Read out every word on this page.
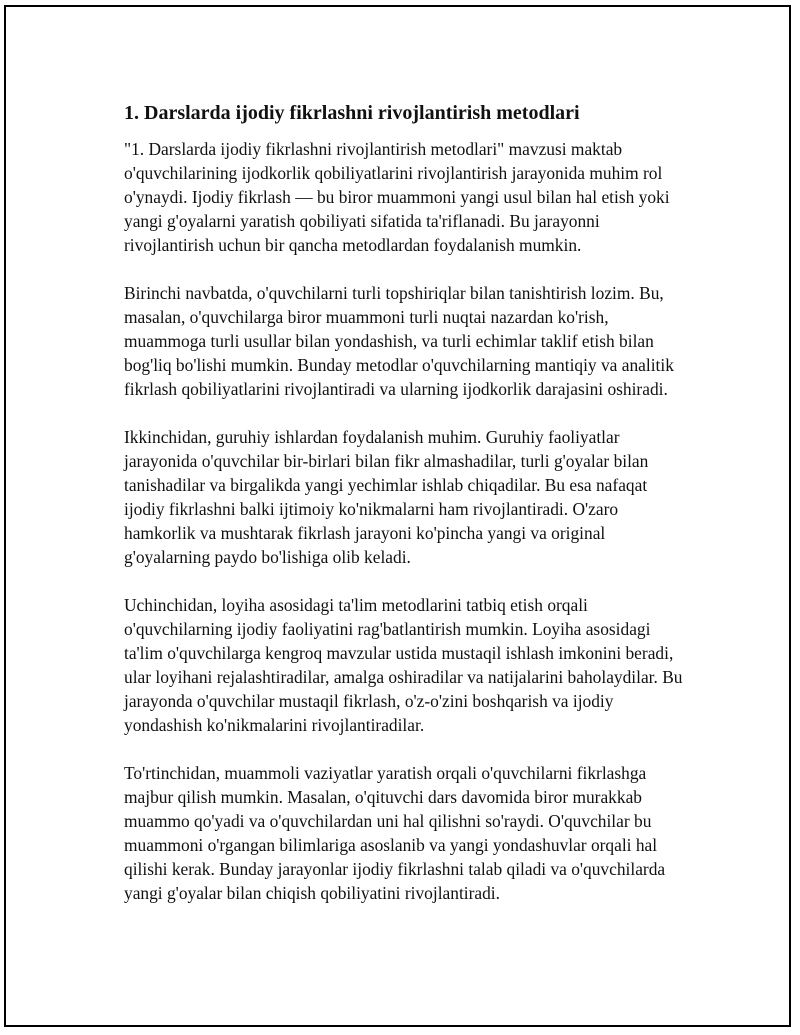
1. Darslarda ijodiy fikrlashni rivojlantirish metodlari

"1. Darslarda ijodiy fikrlashni rivojlantirish metodlari" mavzusi maktab o'quvchilarining ijodkorlik qobiliyatlarini rivojlantirish jarayonida muhim rol o'ynaydi. Ijodiy fikrlash — bu biror muammoni yangi usul bilan hal etish yoki yangi g'oyalarni yaratish qobiliyati sifatida ta'riflanadi. Bu jarayonni rivojlantirish uchun bir qancha metodlardan foydalanish mumkin.

Birinchi navbatda, o'quvchilarni turli topshiriqlar bilan tanishtirish lozim. Bu, masalan, o'quvchilarga biror muammoni turli nuqtai nazardan ko'rish, muammoga turli usullar bilan yondashish, va turli echimlar taklif etish bilan bog'liq bo'lishi mumkin. Bunday metodlar o'quvchilarning mantiqiy va analitik fikrlash qobiliyatlarini rivojlantiradi va ularning ijodkorlik darajasini oshiradi.

Ikkinchidan, guruhiy ishlardan foydalanish muhim. Guruhiy faoliyatlar jarayonida o'quvchilar bir-birlari bilan fikr almashadilar, turli g'oyalar bilan tanishadilar va birgalikda yangi yechimlar ishlab chiqadilar. Bu esa nafaqat ijodiy fikrlashni balki ijtimoiy ko'nikmalarni ham rivojlantiradi. O'zaro hamkorlik va mushtarak fikrlash jarayoni ko'pincha yangi va original g'oyalarning paydo bo'lishiga olib keladi.

Uchinchidan, loyiha asosidagi ta'lim metodlarini tatbiq etish orqali o'quvchilarning ijodiy faoliyatini rag'batlantirish mumkin. Loyiha asosidagi ta'lim o'quvchilarga kengroq mavzular ustida mustaqil ishlash imkonini beradi, ular loyihani rejalashtiradilar, amalga oshiradilar va natijalarini baholaydilar. Bu jarayonda o'quvchilar mustaqil fikrlash, o'z-o'zini boshqarish va ijodiy yondashish ko'nikmalarini rivojlantiradilar.

To'rtinchidan, muammoli vaziyatlar yaratish orqali o'quvchilarni fikrlashga majbur qilish mumkin. Masalan, o'qituvchi dars davomida biror murakkab muammo qo'yadi va o'quvchilardan uni hal qilishni so'raydi. O'quvchilar bu muammoni o'rgangan bilimlariga asoslanib va yangi yondashuvlar orqali hal qilishi kerak. Bunday jarayonlar ijodiy fikrlashni talab qiladi va o'quvchilarda yangi g'oyalar bilan chiqish qobiliyatini rivojlantiradi.
